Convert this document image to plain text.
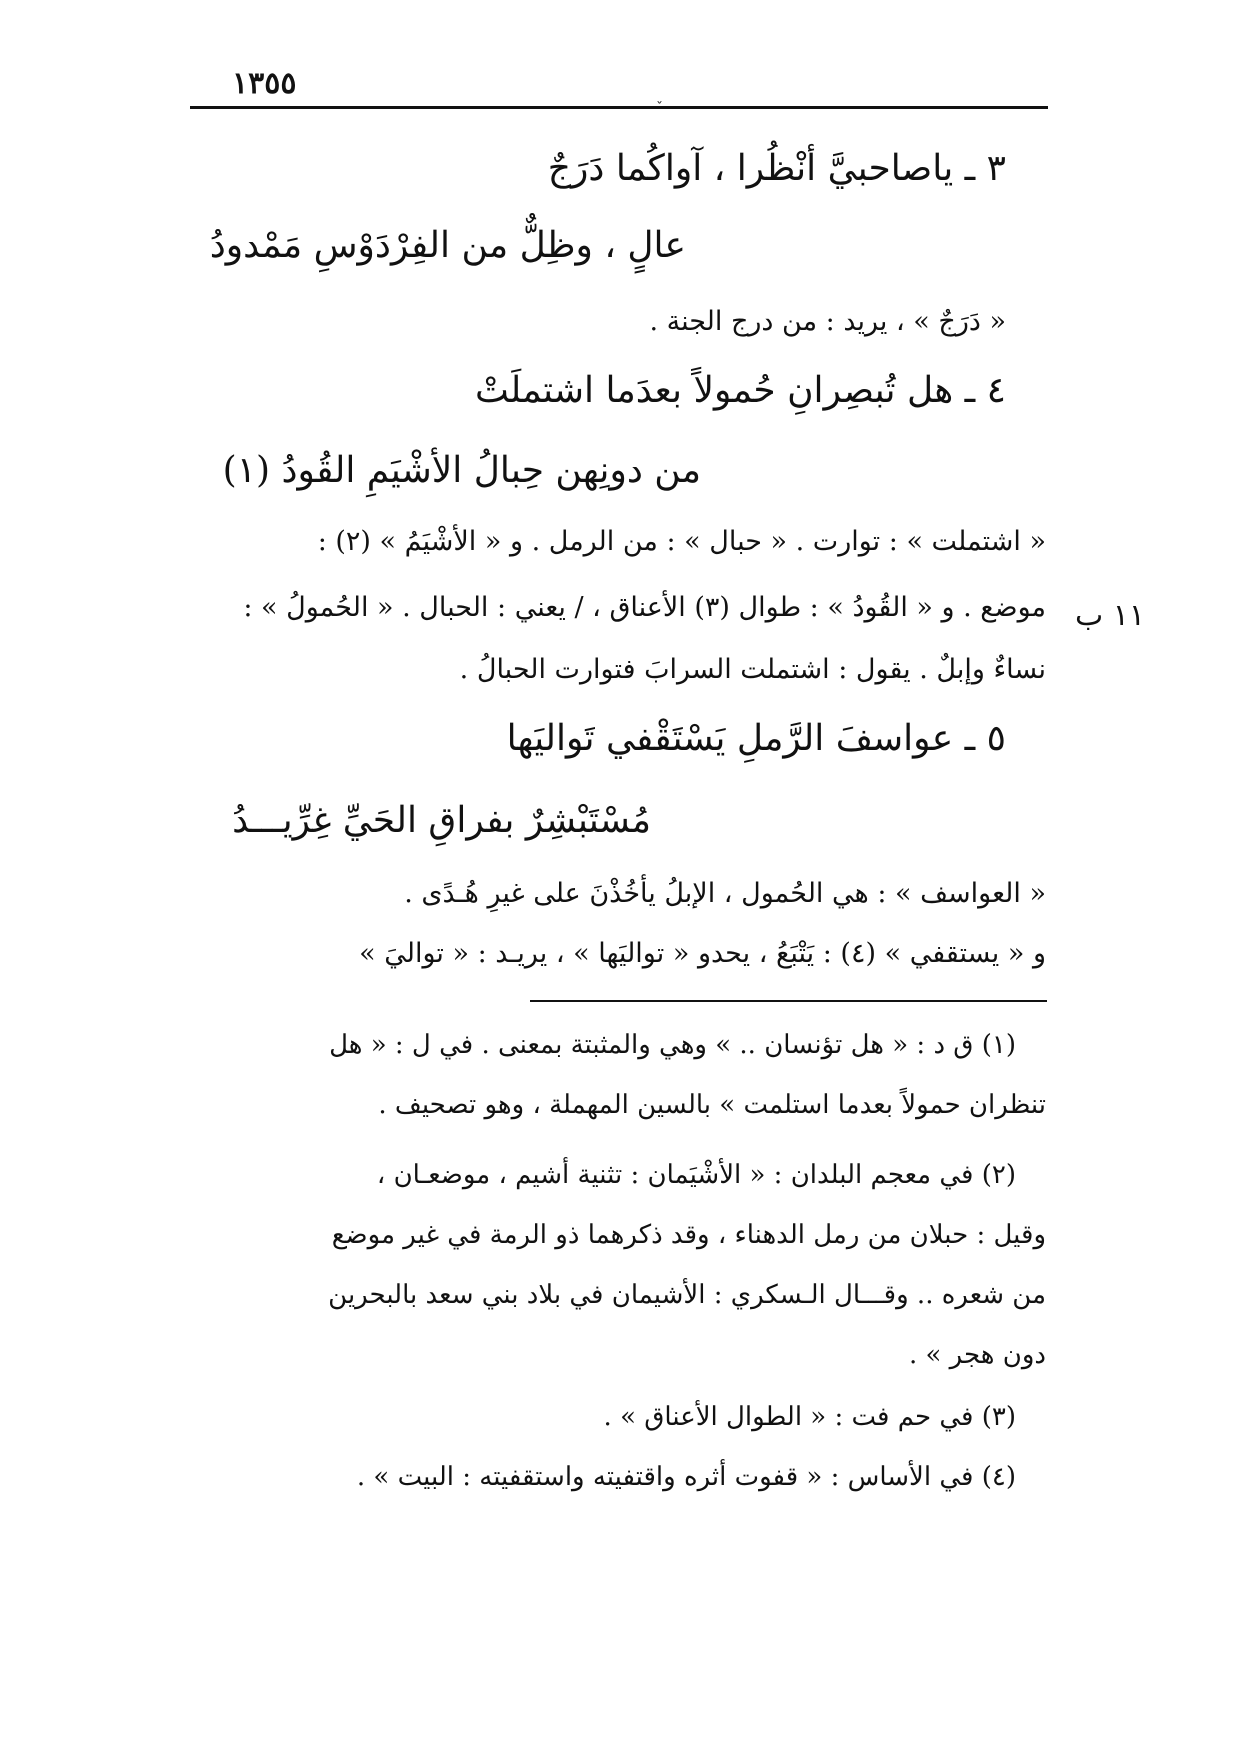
١٣٥٥
١١ ب
٣ ـ ياصاحبيَّ أنْظُرا ، آواكُما دَرَجٌ
عالٍ ، وظِلٌّ من الفِرْدَوْسِ مَمْدودُ
« دَرَجٌ » ، يريد : من درج الجنة .
٤ ـ هل تُبصِرانِ حُمولاً بعدَما اشتملَتْ
من دونِهن حِبالُ الأشْيَمِ القُودُ (١)
« اشتملت » : توارت . « حبال » : من الرمل . و « الأشْيَمُ » (٢) :
موضع . و « القُودُ » : طوال (٣) الأعناق ، / يعني : الحبال . « الحُمولُ » :
نساءٌ وإبلٌ . يقول : اشتملت السرابَ فتوارت الحبالُ .
٥ ـ عواسفَ الرَّملِ يَسْتَقْفي تَواليَها
مُسْتَبْشِرٌ بفراقِ الحَيِّ غِرِّيـــدُ
« العواسف » : هي الحُمول ، الإبلُ يأخُذْنَ على غيرِ هُـدًى .
و « يستقفي » (٤) : يَتْبَعُ ، يحدو « تواليَها » ، يريـد : « تواليَ »
(١) ق د : « هل تؤنسان .. » وهي والمثبتة بمعنى . في ل : « هل
تنظران حمولاً بعدما استلمت » بالسين المهملة ، وهو تصحيف .
(٢) في معجم البلدان : « الأشْيَمان : تثنية أشيم ، موضعـان ،
وقيل : حبلان من رمل الدهناء ، وقد ذكرهما ذو الرمة في غير موضع
من شعره .. وقـــال الـسكري : الأشيمان في بلاد بني سعد بالبحرين
دون هجر » .
(٣) في حم فت : « الطوال الأعناق » .
(٤) في الأساس : « قفوت أثره واقتفيته واستقفيته : البيت » .
